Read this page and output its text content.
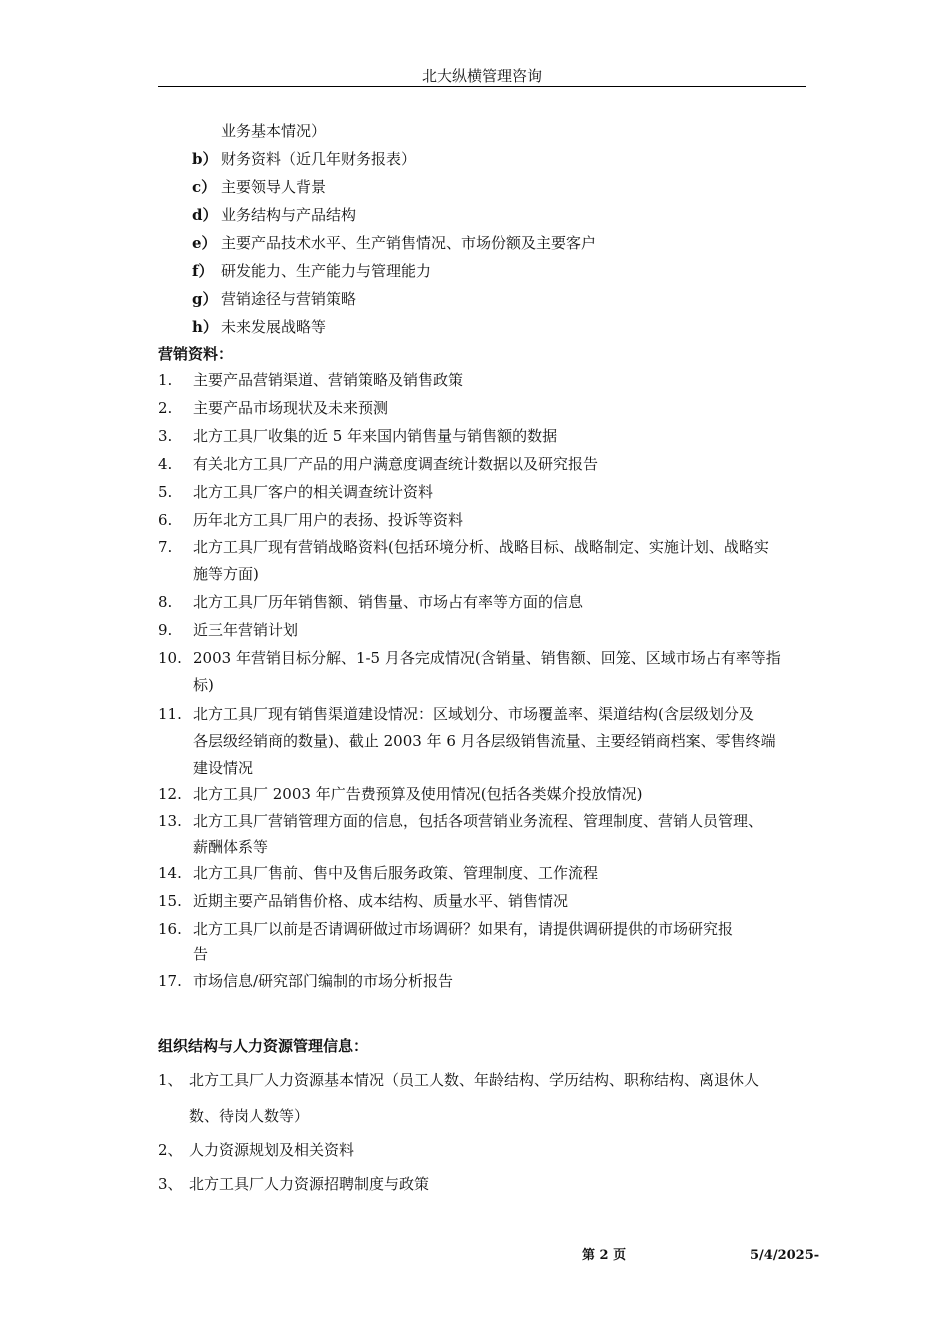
北大纵横管理咨询
业务基本情况）
b） 财务资料（近几年财务报表）
c） 主要领导人背景
d） 业务结构与产品结构
e） 主要产品技术水平、生产销售情况、市场份额及主要客户
f） 研发能力、生产能力与管理能力
g） 营销途径与营销策略
h） 未来发展战略等
营销资料：
1. 主要产品营销渠道、营销策略及销售政策
2. 主要产品市场现状及未来预测
3. 北方工具厂收集的近 5 年来国内销售量与销售额的数据
4. 有关北方工具厂产品的用户满意度调查统计数据以及研究报告
5. 北方工具厂客户的相关调查统计资料
6. 历年北方工具厂用户的表扬、投诉等资料
7. 北方工具厂现有营销战略资料(包括环境分析、战略目标、战略制定、实施计划、战略实
施等方面)
8. 北方工具厂历年销售额、销售量、市场占有率等方面的信息
9. 近三年营销计划
10. 2003 年营销目标分解、1-5 月各完成情况(含销量、销售额、回笼、区域市场占有率等指
标)
11. 北方工具厂现有销售渠道建设情况：区域划分、市场覆盖率、渠道结构(含层级划分及
各层级经销商的数量)、截止 2003 年 6 月各层级销售流量、主要经销商档案、零售终端
建设情况
12. 北方工具厂 2003 年广告费预算及使用情况(包括各类媒介投放情况)
13. 北方工具厂营销管理方面的信息，包括各项营销业务流程、管理制度、营销人员管理、
薪酬体系等
14. 北方工具厂售前、售中及售后服务政策、管理制度、工作流程
15. 近期主要产品销售价格、成本结构、质量水平、销售情况
16. 北方工具厂以前是否请调研做过市场调研？如果有，请提供调研提供的市场研究报
告
17. 市场信息/研究部门编制的市场分析报告
组织结构与人力资源管理信息：
1、 北方工具厂人力资源基本情况（员工人数、年龄结构、学历结构、职称结构、离退休人
数、待岗人数等）
2、 人力资源规划及相关资料
3、 北方工具厂人力资源招聘制度与政策
第 2 页	5/4/2025-
